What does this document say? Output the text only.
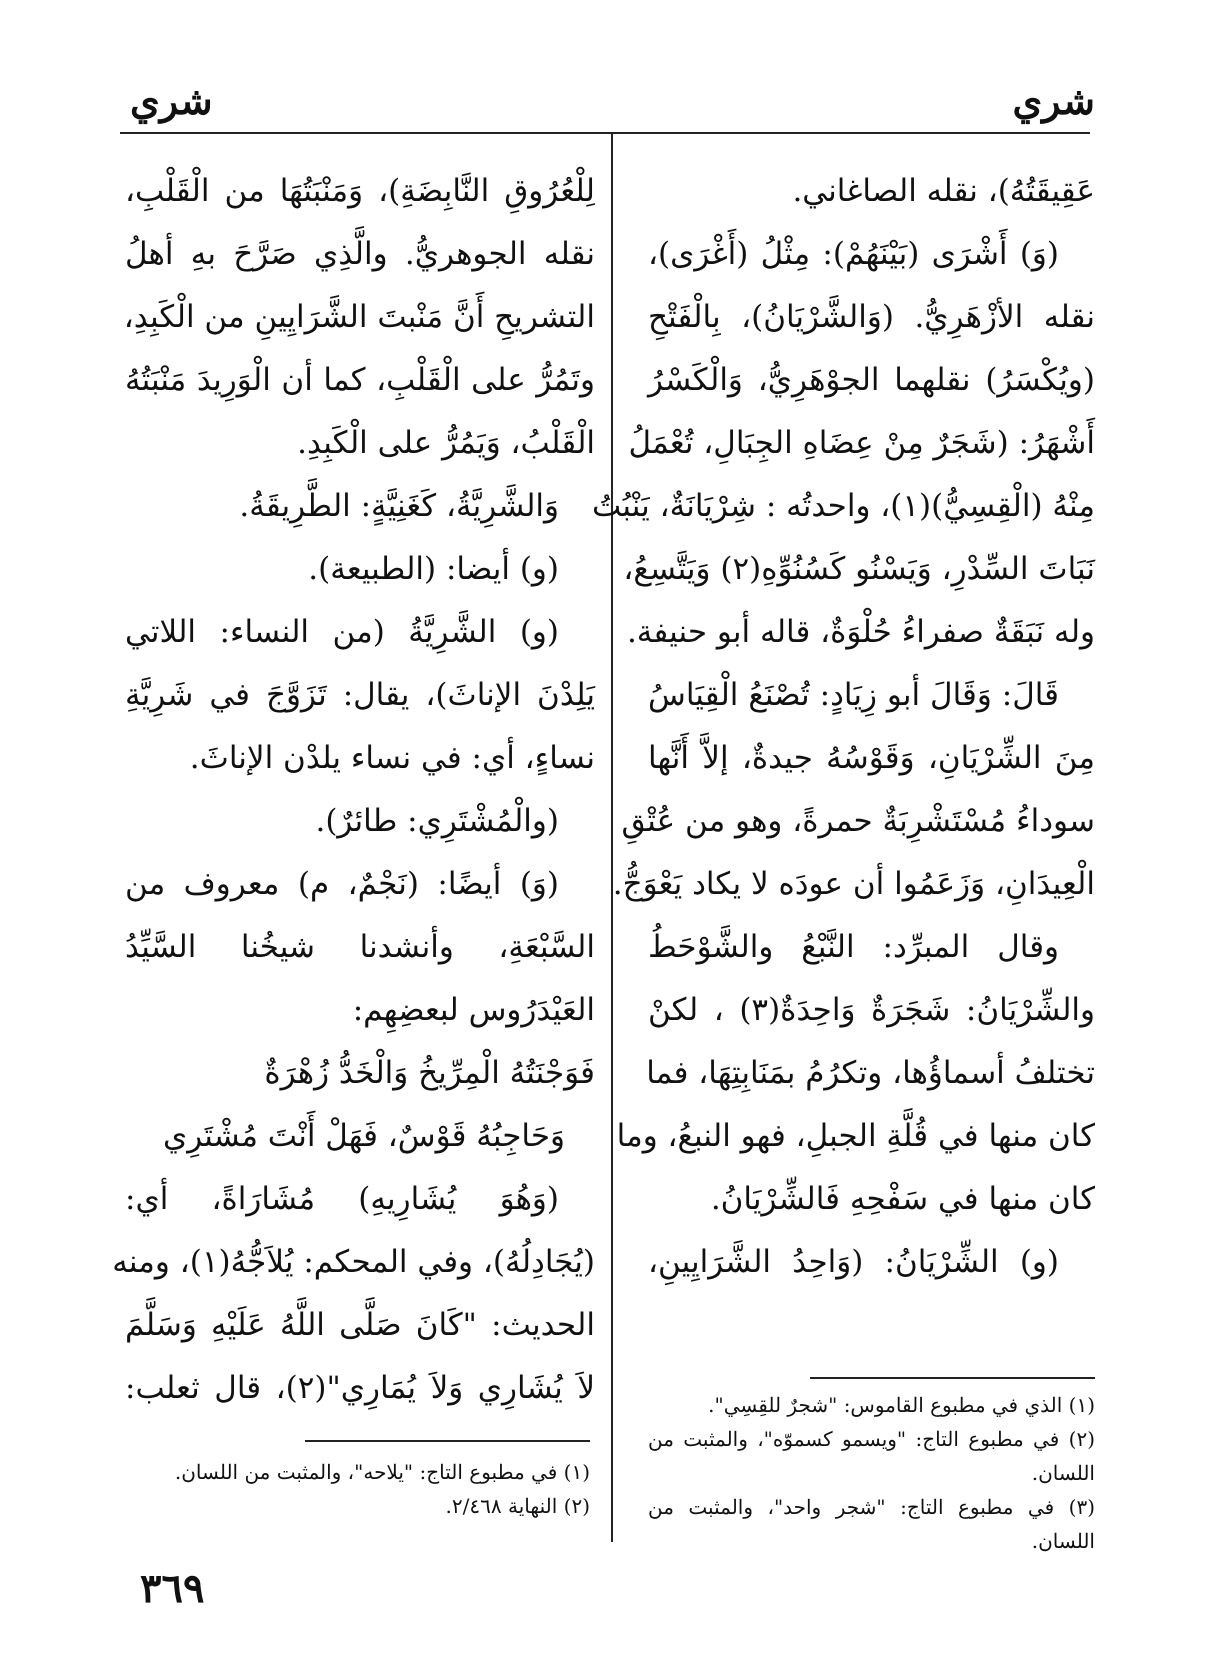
شري
شري
عَقِيقَتُهُ)، نقله الصاغاني.
(وَ) أَشْرَى (بَيْنَهُمْ): مِثْلُ (أَغْرَى)،
نقله الأزْهَرِيُّ. (وَالشَّرْيَانُ)، بِالْفَتْحِ
(ويُكْسَرُ) نقلهما الجوْهَرِيُّ، وَالْكَسْرُ
أَشْهَرُ: (شَجَرٌ مِنْ عِضَاهِ الجِبَالِ، تُعْمَلُ
مِنْهُ (الْقِسِيُّ)(١)، واحدتُه : شِرْيَانَةٌ، يَنْبُتُ
نَبَاتَ السِّدْرِ، وَيَسْنُو كَسُنُوِّهِ(٢) وَيَتَّسِعُ،
وله نَبَقَةٌ صفراءُ حُلْوَةٌ، قاله أبو حنيفة.
قَالَ: وَقَالَ أبو زِيَادٍ: تُصْنَعُ الْقِيَاسُ
مِنَ الشِّرْيَانِ، وَقَوْسُهُ جيدةٌ، إلاَّ أَنَّها
سوداءُ مُسْتَشْرِبَةٌ حمرةً، وهو من عُتْقِ
الْعِيدَانِ، وَزَعَمُوا أن عودَه لا يكاد يَعْوَجُّ.
وقال المبرِّد: النَّبْعُ والشَّوْحَطُ
والشِّرْيَانُ: شَجَرَةٌ وَاحِدَةٌ(٣) ، لكنْ
تختلفُ أسماؤُها، وتكرُمُ بمَنَابِتِهَا، فما
كان منها في قُلَّةِ الجبلِ، فهو النبعُ، وما
كان منها في سَفْحِهِ فَالشِّرْيَانُ.
(و) الشِّرْيَانُ: (وَاحِدُ الشَّرَايِينِ،
لِلْعُرُوقِ النَّابِضَةِ)، وَمَنْبَتُهَا من الْقَلْبِ،
نقله الجوهريُّ. والَّذِي صَرَّحَ بهِ أهلُ
التشريحِ أَنَّ مَنْبتَ الشَّرَايِينِ من الْكَبِدِ،
وتَمُرُّ على الْقَلْبِ، كما أن الْوَرِيدَ مَنْبَتُهُ
الْقَلْبُ، وَيَمُرُّ على الْكَبِدِ.
وَالشَّرِيَّةُ، كَغَنِيَّةٍ: الطَّرِيقَةُ.
(و) أيضا: (الطبيعة).
(و) الشَّرِيَّةُ (من النساء: اللاتي
يَلِدْنَ الإناثَ)، يقال: تَزَوَّجَ في شَرِيَّةِ
نساءٍ، أي: في نساء يلدْن الإناثَ.
(والْمُشْتَرِي: طائرٌ).
(وَ) أيضًا: (نَجْمٌ، م) معروف من
السَّبْعَةِ، وأنشدنا شيخُنا السَّيِّدُ
العَيْدَرُوس لبعضِهِم:
فَوَجْنَتُهُ الْمِرِّيخُ وَالْخَدُّ زُهْرَةٌ
وَحَاجِبُهُ قَوْسٌ، فَهَلْ أَنْتَ مُشْتَرِي
(وَهُوَ يُشَارِيهِ) مُشَارَاةً، أي:
(يُجَادِلُهُ)، وفي المحكم: يُلاَجُّهُ(١)، ومنه
الحديث: "كَانَ صَلَّى اللَّهُ عَلَيْهِ وَسَلَّمَ
لاَ يُشَارِي وَلاَ يُمَارِي"(٢)، قال ثعلب:	(١) الذي في مطبوع القاموس: "شجرٌ للقِسِي".

(٢) في مطبوع التاج: "ويسمو كسموّه"، والمثبت من اللسان.

(٣) في مطبوع التاج: "شجر واحد"، والمثبت من اللسان.

(١) في مطبوع التاج: "يلاحه"، والمثبت من اللسان.

(٢) النهاية ٢/٤٦٨.

٣٦٩
